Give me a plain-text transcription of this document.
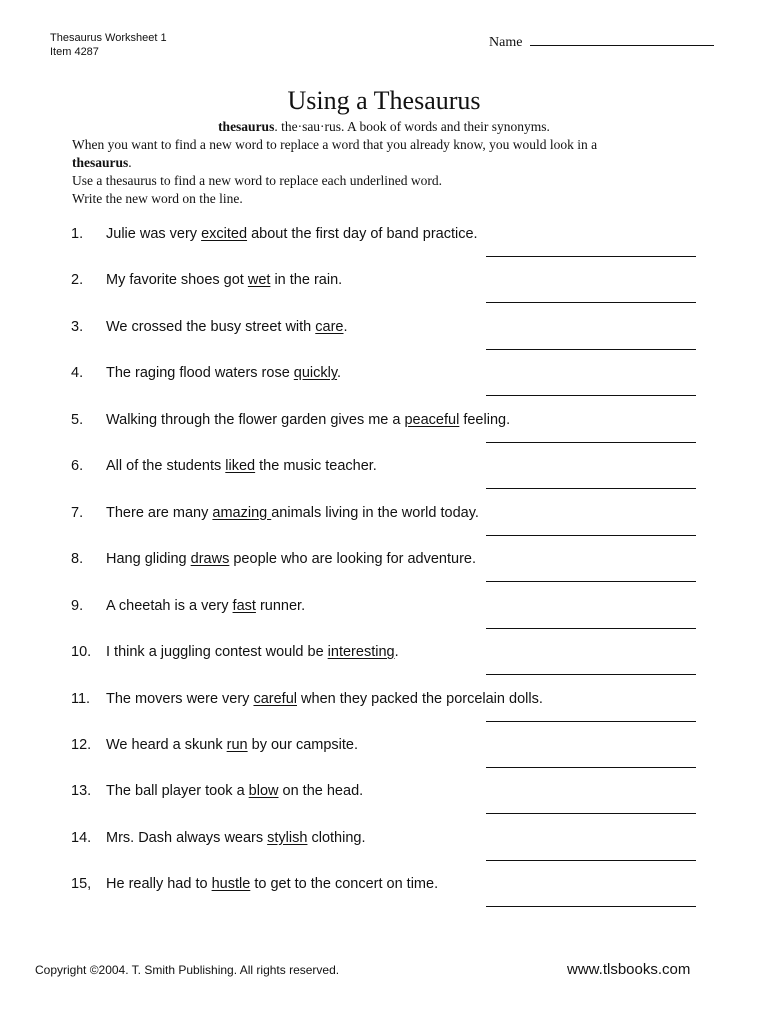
Thesaurus Worksheet 1
Item 4287
Name
Using a Thesaurus
thesaurus. the·sau·rus. A book of words and their synonyms.

When you want to find a new word to replace a word that you already know, you would look in a

thesaurus.

Use a thesaurus to find a new word to replace each underlined word.

Write the new word on the line.

1. Julie was very excited about the first day of band practice.
2. My favorite shoes got wet in the rain.
3. We crossed the busy street with care.
4. The raging flood waters rose quickly.
5. Walking through the flower garden gives me a peaceful feeling.
6. All of the students liked the music teacher.
7. There are many amazing animals living in the world today.
8. Hang gliding draws people who are looking for adventure.
9. A cheetah is a very fast runner.
10. I think a juggling contest would be interesting.
11. The movers were very careful when they packed the porcelain dolls.
12. We heard a skunk run by our campsite.
13. The ball player took a blow on the head.
14. Mrs. Dash always wears stylish clothing.
15, He really had to hustle to get to the concert on time.
Copyright ©2004. T. Smith Publishing. All rights reserved.	www.tlsbooks.com
